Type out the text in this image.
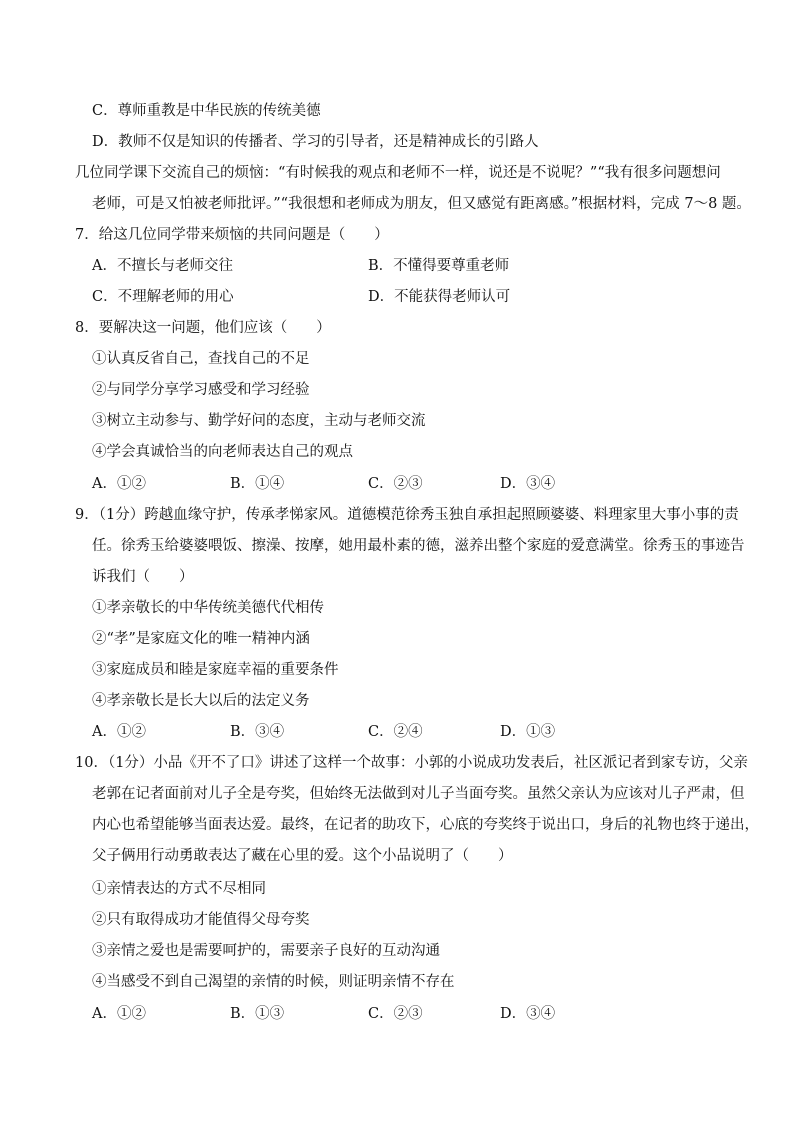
C．尊师重教是中华民族的传统美德
D．教师不仅是知识的传播者、学习的引导者，还是精神成长的引路人
几位同学课下交流自己的烦恼：“有时候我的观点和老师不一样，说还是不说呢？”“我有很多问题想问
老师，可是又怕被老师批评。”“我很想和老师成为朋友，但又感觉有距离感。”根据材料，完成 7～8 题。
7．给这几位同学带来烦恼的共同问题是（　　）
A．不擅长与老师交往	B．不懂得要尊重老师
C．不理解老师的用心	D．不能获得老师认可
8．要解决这一问题，他们应该（　　）
①认真反省自己，查找自己的不足
②与同学分享学习感受和学习经验
③树立主动参与、勤学好问的态度，主动与老师交流
④学会真诚恰当的向老师表达自己的观点
A．①②	B．①④	C．②③	D．③④
9．（1分）跨越血缘守护，传承孝悌家风。道德模范徐秀玉独自承担起照顾婆婆、料理家里大事小事的责
任。徐秀玉给婆婆喂饭、擦澡、按摩，她用最朴素的德，滋养出整个家庭的爱意满堂。徐秀玉的事迹告
诉我们（　　）
①孝亲敬长的中华传统美德代代相传
②“孝”是家庭文化的唯一精神内涵
③家庭成员和睦是家庭幸福的重要条件
④孝亲敬长是长大以后的法定义务
A．①②	B．③④	C．②④	D．①③
10．（1分）小品《开不了口》讲述了这样一个故事：小郭的小说成功发表后，社区派记者到家专访，父亲
老郭在记者面前对儿子全是夸奖，但始终无法做到对儿子当面夸奖。虽然父亲认为应该对儿子严肃，但
内心也希望能够当面表达爱。最终，在记者的助攻下，心底的夸奖终于说出口，身后的礼物也终于递出，
父子俩用行动勇敢表达了藏在心里的爱。这个小品说明了（　　）
①亲情表达的方式不尽相同
②只有取得成功才能值得父母夸奖
③亲情之爱也是需要呵护的，需要亲子良好的互动沟通
④当感受不到自己渴望的亲情的时候，则证明亲情不存在
A．①②	B．①③	C．②③	D．③④
